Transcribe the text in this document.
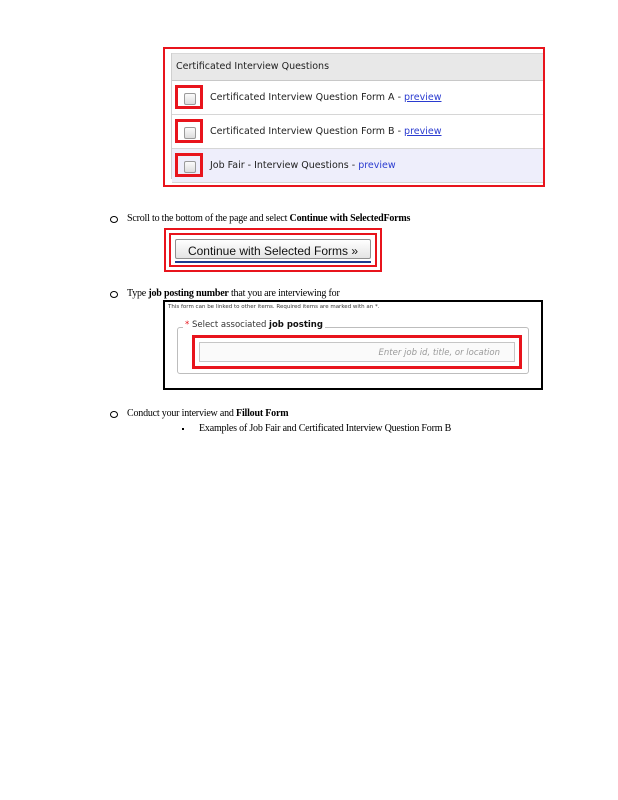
Certificated Interview Questions
Certificated Interview Question Form A - preview
Certificated Interview Question Form B - preview
Job Fair - Interview Questions - preview
Scroll to the bottom of the page and select Continue with SelectedForms
Continue with Selected Forms »
Type job posting number that you are interviewing for
This form can be linked to other items. Required items are marked with an *.
* Select associated job posting
Enter job id, title, or location
Conduct your interview and Fillout Form
Examples of Job Fair and Certificated Interview Question Form B
